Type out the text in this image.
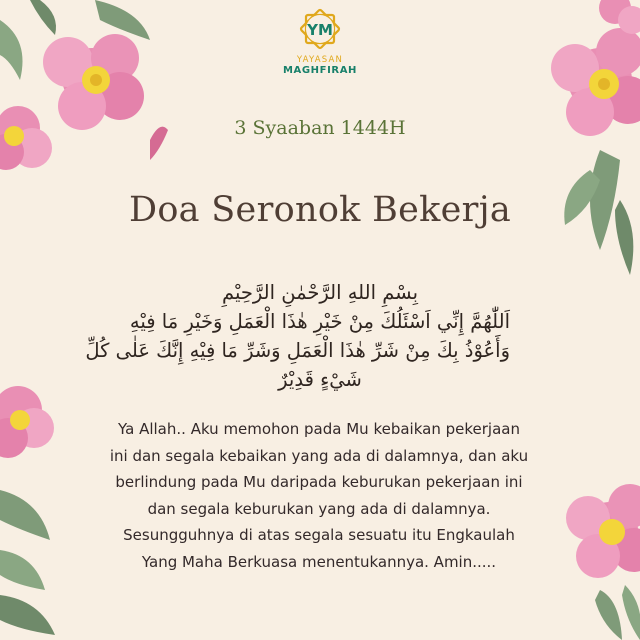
YM
YAYASAN
MAGHFIRAH
3 Syaaban 1444H
Doa Seronok Bekerja
بِسْمِ اللهِ الرَّحْمٰنِ الرَّحِيْمِ
اَللّٰهُمَّ إِنِّي اَسْئَلُكَ مِنْ خَيْرِ هٰذَا الْعَمَلِ وَخَيْرِ مَا فِيْهِ
وَأَعُوْذُ بِكَ مِنْ شَرِّ هٰذَا الْعَمَلِ وَشَرِّ مَا فِيْهِ إِنَّكَ عَلٰى كُلِّ
شَيْءٍ قَدِيْرٌ
Ya Allah.. Aku memohon pada Mu kebaikan pekerjaan
ini dan segala kebaikan yang ada di dalamnya, dan aku
berlindung pada Mu daripada keburukan pekerjaan ini
dan segala keburukan yang ada di dalamnya.
Sesungguhnya di atas segala sesuatu itu Engkaulah
Yang Maha Berkuasa menentukannya. Amin.....
